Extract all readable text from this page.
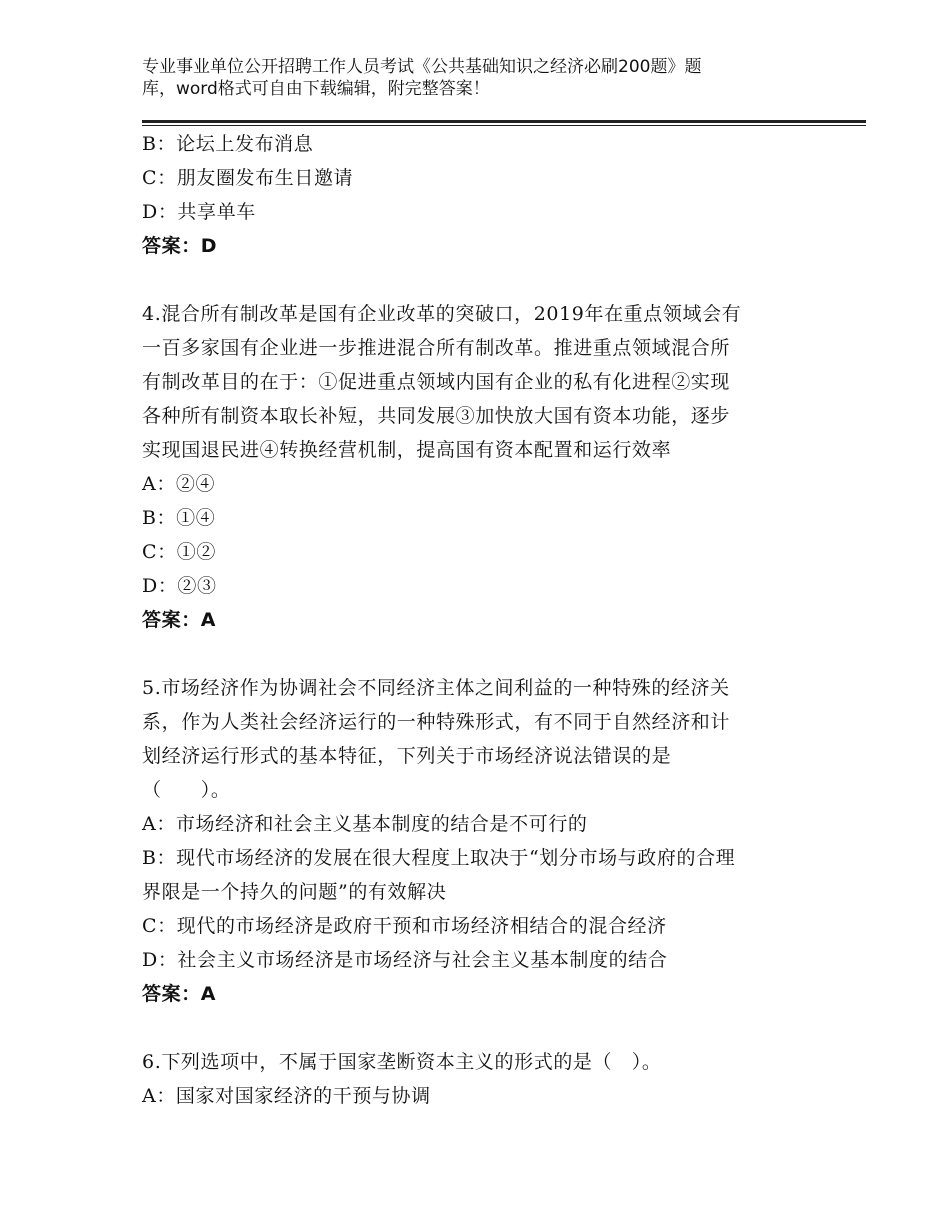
专业事业单位公开招聘工作人员考试《公共基础知识之经济必刷200题》题
库，word格式可自由下载编辑，附完整答案！
B：论坛上发布消息
C：朋友圈发布生日邀请
D：共享单车
答案：D
4.混合所有制改革是国有企业改革的突破口，2019年在重点领域会有
一百多家国有企业进一步推进混合所有制改革。推进重点领域混合所
有制改革目的在于：①促进重点领域内国有企业的私有化进程②实现
各种所有制资本取长补短，共同发展③加快放大国有资本功能，逐步
实现国退民进④转换经营机制，提高国有资本配置和运行效率
A：②④
B：①④
C：①②
D：②③
答案：A
5.市场经济作为协调社会不同经济主体之间利益的一种特殊的经济关
系，作为人类社会经济运行的一种特殊形式，有不同于自然经济和计
划经济运行形式的基本特征，下列关于市场经济说法错误的是
（　　）。
A：市场经济和社会主义基本制度的结合是不可行的
B：现代市场经济的发展在很大程度上取决于“划分市场与政府的合理
界限是一个持久的问题”的有效解决
C：现代的市场经济是政府干预和市场经济相结合的混合经济
D：社会主义市场经济是市场经济与社会主义基本制度的结合
答案：A
6.下列选项中，不属于国家垄断资本主义的形式的是（　）。
A：国家对国家经济的干预与协调
